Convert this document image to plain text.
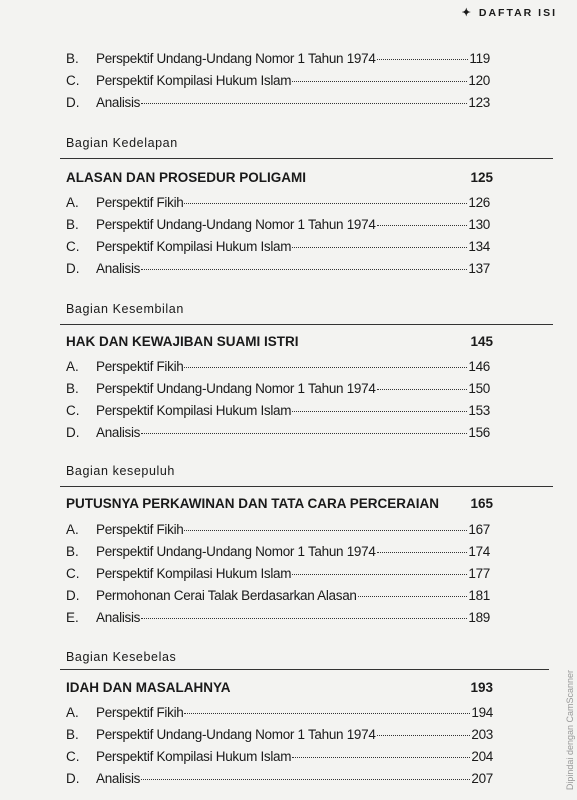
✦ DAFTAR ISI
B.	Perspektif Undang-Undang Nomor 1 Tahun 1974	119
C.	Perspektif Kompilasi Hukum Islam	120
D.	Analisis	123
Bagian Kedelapan
ALASAN DAN PROSEDUR POLIGAMI	125
A.	Perspektif Fikih	126
B.	Perspektif Undang-Undang Nomor 1 Tahun 1974	130
C.	Perspektif Kompilasi Hukum Islam	134
D.	Analisis	137
Bagian Kesembilan
HAK DAN KEWAJIBAN SUAMI ISTRI	145
A.	Perspektif Fikih	146
B.	Perspektif Undang-Undang Nomor 1 Tahun 1974	150
C.	Perspektif Kompilasi Hukum Islam	153
D.	Analisis	156
Bagian kesepuluh
PUTUSNYA PERKAWINAN DAN TATA CARA PERCERAIAN 165
A.	Perspektif Fikih	167
B.	Perspektif Undang-Undang Nomor 1 Tahun 1974	174
C.	Perspektif Kompilasi Hukum Islam	177
D.	Permohonan Cerai Talak Berdasarkan Alasan	181
E.	Analisis	189
Bagian Kesebelas
IDAH DAN MASALAHNYA	193
A.	Perspektif Fikih	194
B.	Perspektif Undang-Undang Nomor 1 Tahun 1974	203
C.	Perspektif Kompilasi Hukum Islam	204
D.	Analisis	207	Dipindai dengan CamScanner
